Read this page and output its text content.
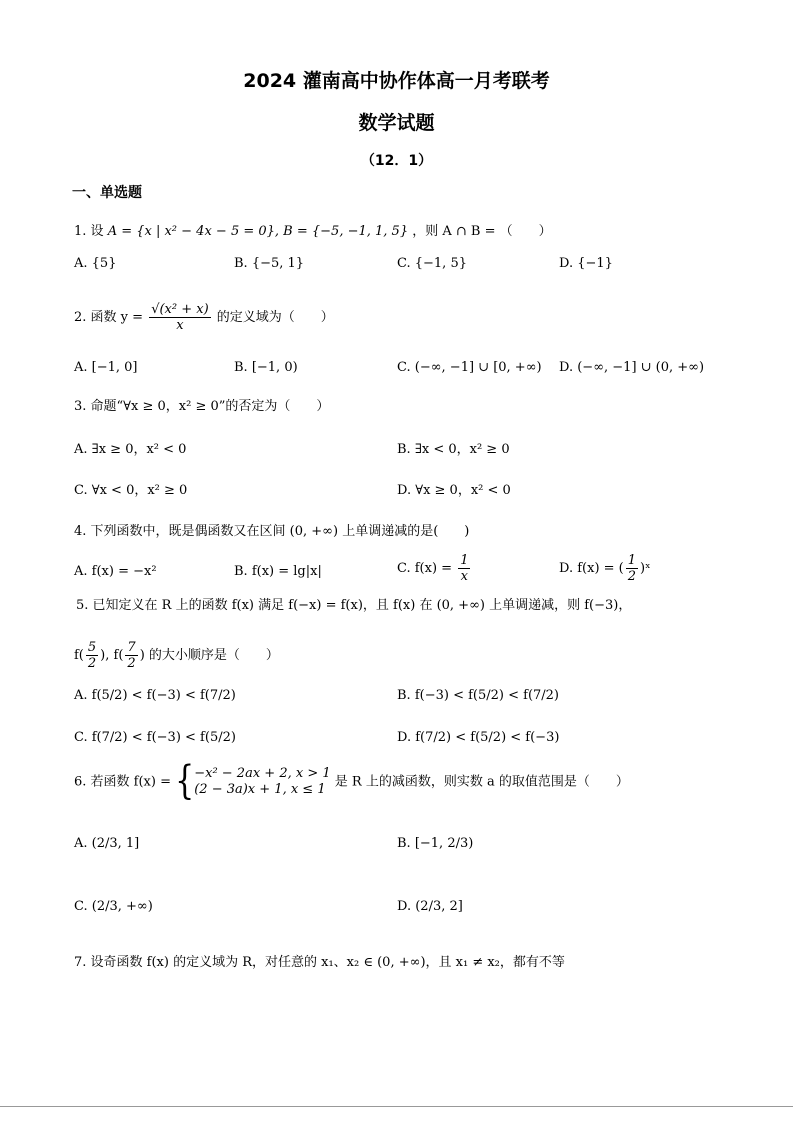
2024 灌南高中协作体高一月考联考
数学试题
（12．1）
一、单选题
1. 设 A = {x | x² − 4x − 5 = 0}, B = {−5, −1, 1, 5} ，则 A ∩ B = （　　）
A. {5}	B. {−5, 1}	C. {−1, 5}	D. {−1}
2. 函数 $y = \frac{\text{√(x² + x)}}{x}$ 的定义域为（　　）
A. [−1, 0]	B. [−1, 0)	C. (−∞, −1] ∪ [0, +∞) D. (−∞, −1] ∪ (0, +∞)
3. 命题“∀x ≥ 0，x² ≥ 0”的否定为（　　）
A. ∃x ≥ 0，x² < 0	B. ∃x < 0，x² ≥ 0
C. ∀x < 0，x² ≥ 0	D. ∀x ≥ 0，x² < 0
4. 下列函数中，既是偶函数又在区间 (0, +∞) 上单调递减的是(　　)
A. f(x) = −x²	B. f(x) = lg|x|	C. $f(x) = \frac{1}{x}$	D. f(x) = ( $\frac{1}{2}$ )ˣ
5. 已知定义在 R 上的函数 f(x) 满足 f(−x) = f(x)，且 f(x) 在 (0, +∞) 上单调递减，则 f(−3)，
$f( \frac{5}{2}$ ), $f( \frac{7}{2}$ ) 的大小顺序是（　　）
A. f(5/2) < f(−3) < f(7/2)	B. f(−3) < f(5/2) < f(7/2)
C. f(7/2) < f(−3) < f(5/2)	D. f(7/2) < f(5/2) < f(−3)
6. 若函数 f(x) = { −x² − 2ax + 2, x > 1
(2 − 3a)x + 1, x ≤ 1 是 R 上的减函数，则实数 a 的取值范围是（　　）
A. (2/3, 1]	B. [−1, 2/3)
C. (2/3, +∞)	D. (2/3, 2]
7. 设奇函数 f(x) 的定义域为 R，对任意的 x₁、x₂ ∈ (0, +∞)，且 x₁ ≠ x₂，都有不等
